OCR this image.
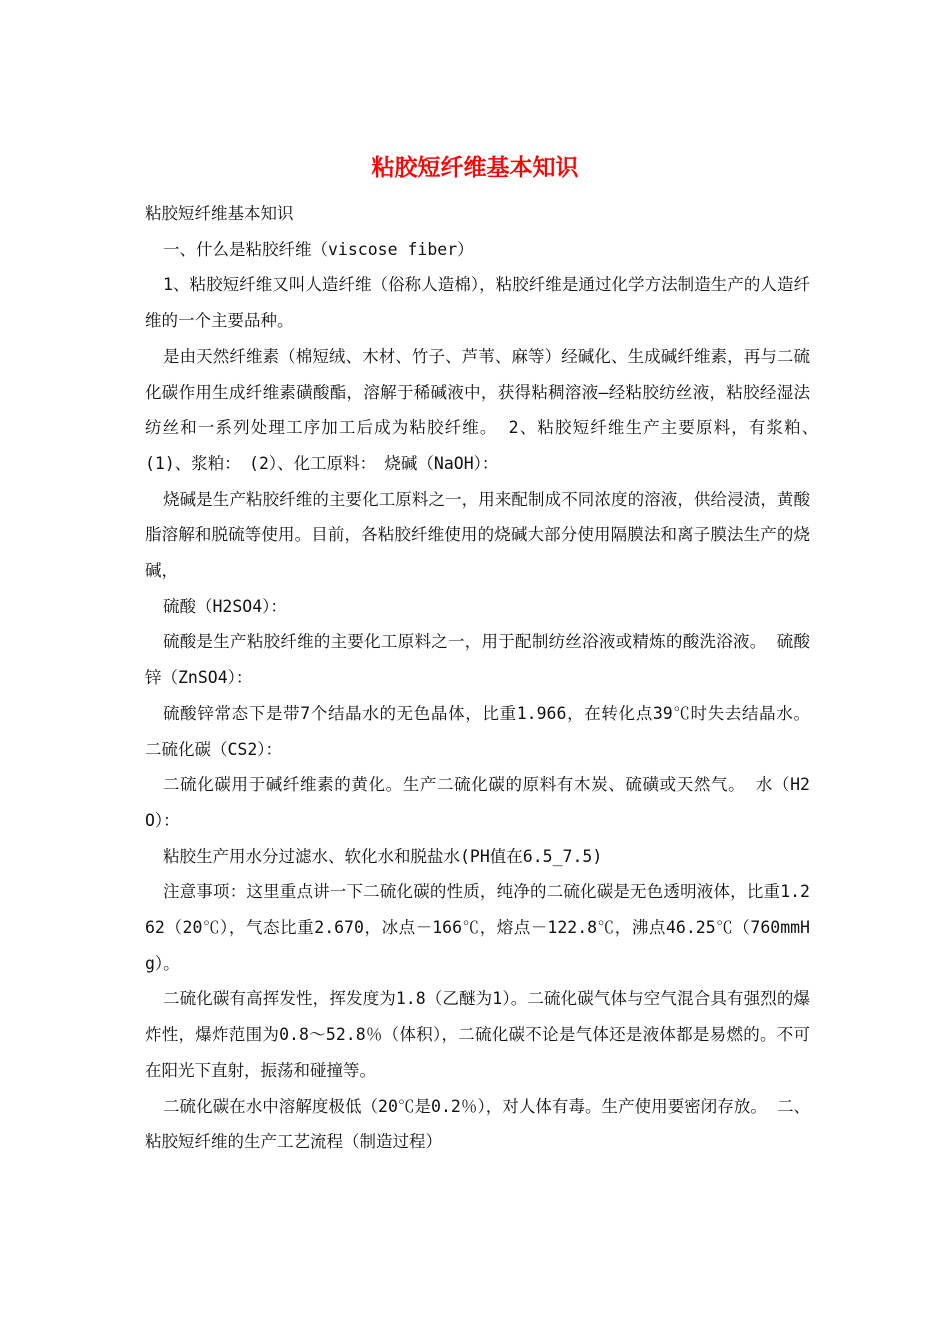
粘胶短纤维基本知识

粘胶短纤维基本知识

一、什么是粘胶纤维（viscose fiber）

1、粘胶短纤维又叫人造纤维（俗称人造棉），粘胶纤维是通过化学方法制造生产的人造纤维的一个主要品种。

是由天然纤维素（棉短绒、木材、竹子、芦苇、麻等）经碱化、生成碱纤维素，再与二硫化碳作用生成纤维素磺酸酯，溶解于稀碱液中，获得粘稠溶液—经粘胶纺丝液，粘胶经湿法纺丝和一系列处理工序加工后成为粘胶纤维。 2、粘胶短纤维生产主要原料，有浆粕、　　(1)、浆粕：　(2）、化工原料：　烧碱（NaOH）：

烧碱是生产粘胶纤维的主要化工原料之一，用来配制成不同浓度的溶液，供给浸渍，黄酸脂溶解和脱硫等使用。目前，各粘胶纤维使用的烧碱大部分使用隔膜法和离子膜法生产的烧碱，

硫酸（H2SO4）：

硫酸是生产粘胶纤维的主要化工原料之一，用于配制纺丝浴液或精炼的酸洗浴液。 硫酸锌（ZnSO4）：

硫酸锌常态下是带7个结晶水的无色晶体，比重1.966，在转化点39℃时失去结晶水。 二硫化碳（CS2）：

二硫化碳用于碱纤维素的黄化。生产二硫化碳的原料有木炭、硫磺或天然气。 水（H2O）：

粘胶生产用水分过滤水、软化水和脱盐水(PH值在6.5_7.5)

注意事项：这里重点讲一下二硫化碳的性质，纯净的二硫化碳是无色透明液体，比重1.262（20℃），气态比重2.670，冰点－166℃，熔点－122.8℃，沸点46.25℃（760mmHg）。

二硫化碳有高挥发性，挥发度为1.8（乙醚为1）。二硫化碳气体与空气混合具有强烈的爆炸性，爆炸范围为0.8～52.8％（体积），二硫化碳不论是气体还是液体都是易燃的。不可在阳光下直射，振荡和碰撞等。

二硫化碳在水中溶解度极低（20℃是0.2％），对人体有毒。生产使用要密闭存放。 二、粘胶短纤维的生产工艺流程（制造过程）
